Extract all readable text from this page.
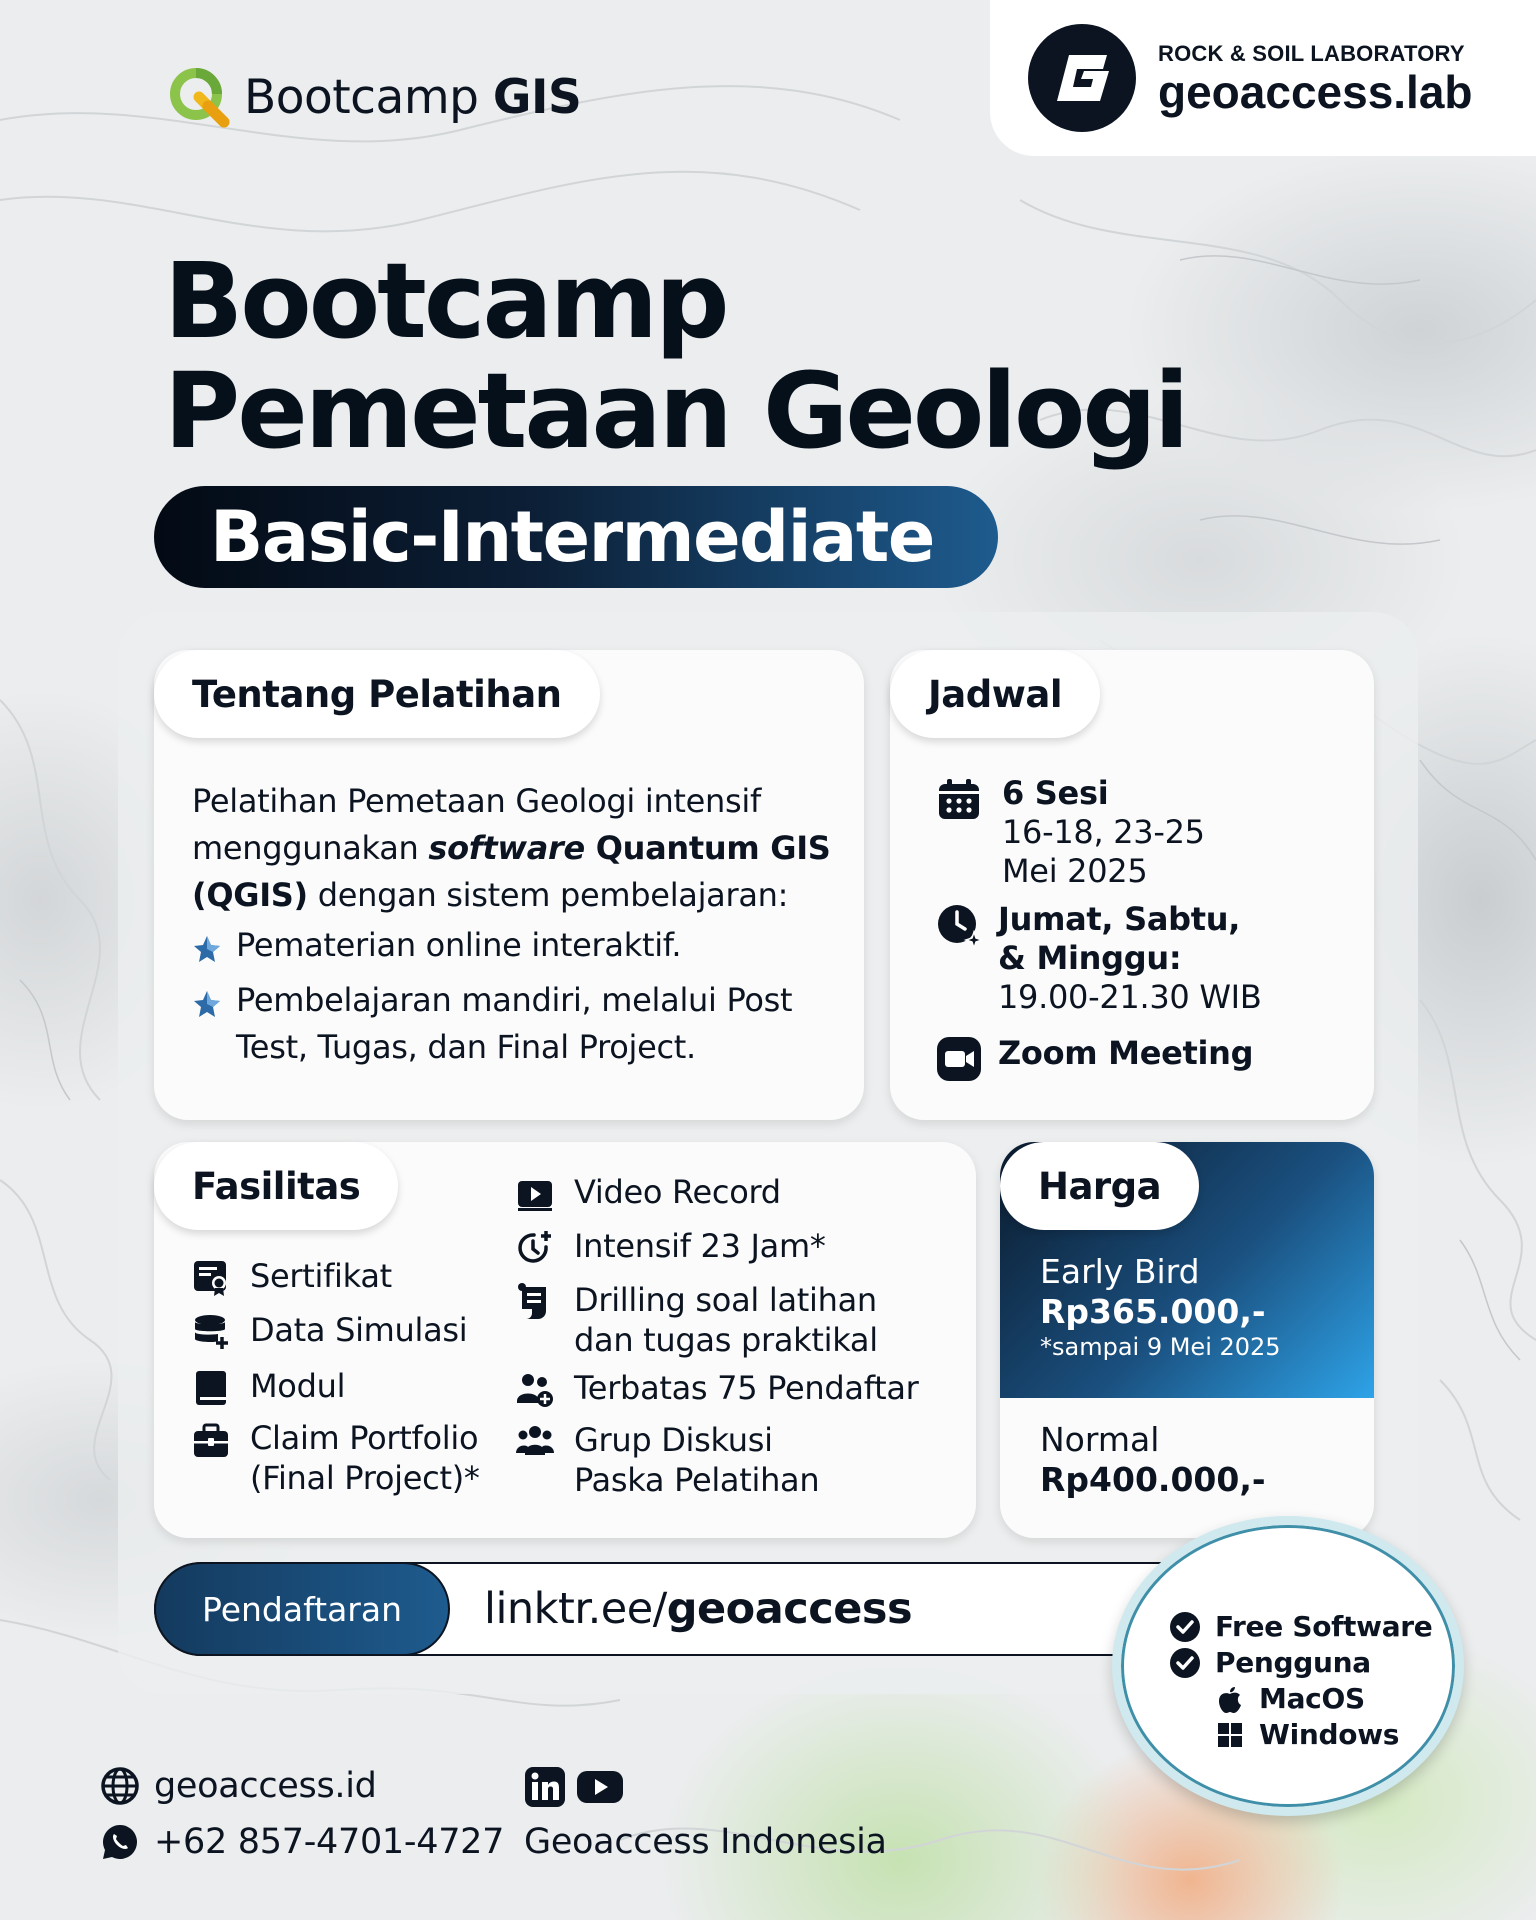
Bootcamp GIS
ROCK & SOIL LABORATORY
geoaccess.lab
Bootcamp
Pemetaan Geologi
Basic-Intermediate
Tentang Pelatihan
Pelatihan Pemetaan Geologi intensif menggunakan software Quantum GIS (QGIS) dengan sistem pembelajaran:
Pematerian online interaktif.
Pembelajaran mandiri, melalui Post Test, Tugas, dan Final Project.
Jadwal
6 Sesi
16-18, 23-25
Mei 2025
Jumat, Sabtu,
& Minggu:
19.00-21.30 WIB
Zoom Meeting
Fasilitas
Sertifikat
Data Simulasi
Modul
Claim Portfolio
(Final Project)*
Video Record
Intensif 23 Jam*
Drilling soal latihan
dan tugas praktikal
Terbatas 75 Pendaftar
Grup Diskusi
Paska Pelatihan
Harga
Early Bird
Rp365.000,-
*sampai 9 Mei 2025
Normal
Rp400.000,-
Pendaftaran	linktr.ee/ geoaccess	Free Software
Pengguna
MacOS
Windows
geoaccess.id
+62 857-4701-4727 Geoaccess Indonesia
